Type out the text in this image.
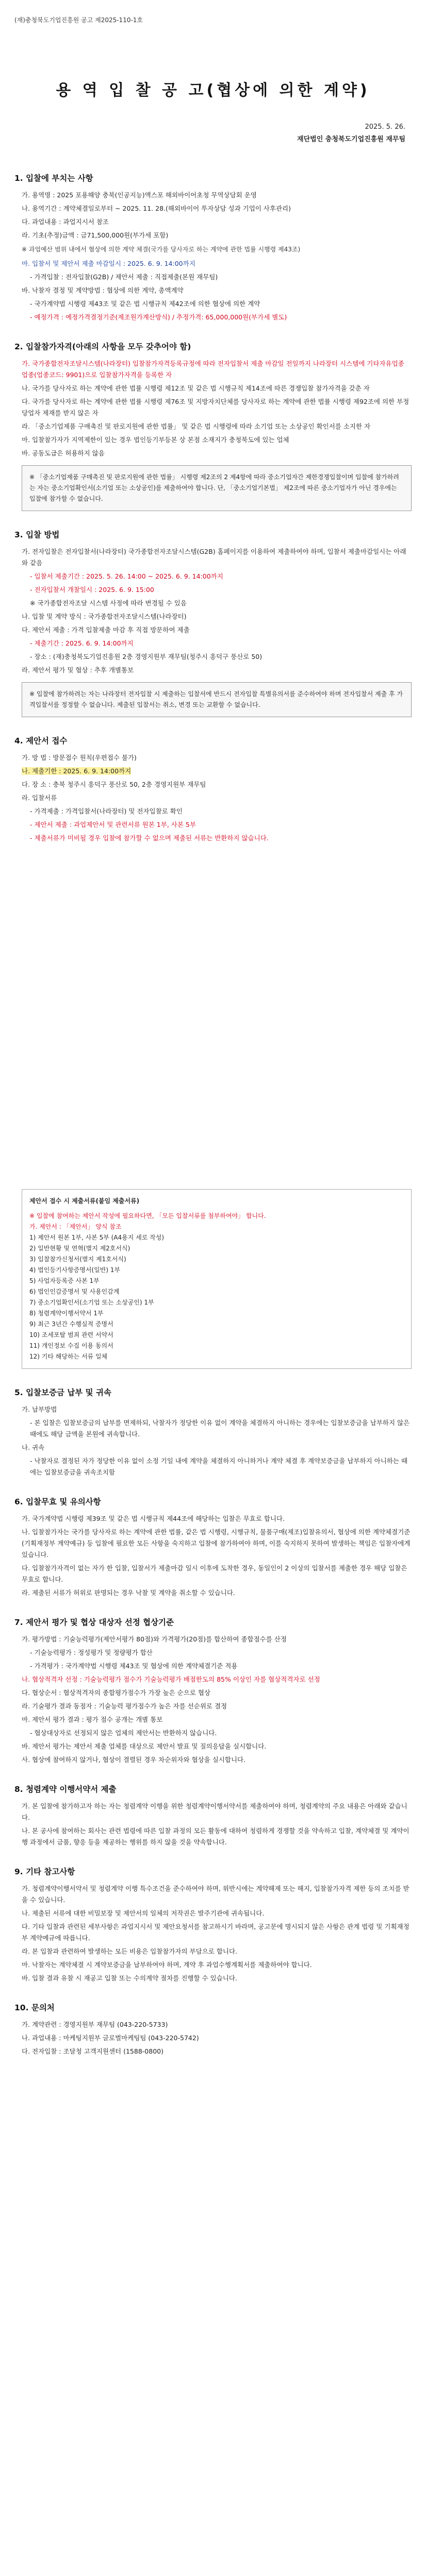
(재)충청북도기업진흥원 공고 제2025-110-1호
용 역 입 찰 공 고(협상에 의한 계약)
2025. 5. 26.
재단법인 충청북도기업진흥원 재무팀
1. 입찰에 부치는 사항
가. 용역명 : 2025 포용해양 충북(인공지능)액스포 해외바이어초청 무역상담회 운영
나. 용역기간 : 계약체결일로부터 ~ 2025. 11. 28.(해외바이어 투자상담 성과 기업이 사후관리)
다. 과업내용 : 과업지시서 참조
라. 기초(추정)금액 : 금71,500,000원(부가세 포함)
※ 과업예산 범위 내에서 협상에 의한 계약 체결(국가를 당사자로 하는 계약에 관한 법률 시행령 제43조)
마. 입찰서 및 제안서 제출 마감일시 : 2025. 6. 9. 14:00까지
- 가격입찰 : 전자입찰(G2B) / 제안서 제출 : 직접제출(본원 재무팀)
바. 낙찰자 결정 및 계약방법 : 협상에 의한 계약, 총액계약
- 국가계약법 시행령 제43조 및 같은 법 시행규칙 제42조에 의한 협상에 의한 계약
- 예정가격 : 예정가격결정기준(제조원가계산방식) / 추정가격: 65,000,000원(부가세 별도)
2. 입찰참가자격(아래의 사항을 모두 갖추어야 함)
가. 국가종합전자조달시스템(나라장터) 입찰참가자격등록규정에 따라 전자입찰서 제출 마감일 전일까지 나라장터 시스템에 기타자유업종 업종(업종코드: 9901)으로 입찰참가자격을 등록한 자
나. 국가를 당사자로 하는 계약에 관한 법률 시행령 제12조 및 같은 법 시행규칙 제14조에 따른 경쟁입찰 참가자격을 갖춘 자
다. 국가를 당사자로 하는 계약에 관한 법률 시행령 제76조 및 지방자치단체를 당사자로 하는 계약에 관한 법률 시행령 제92조에 의한 부정당업자 제재를 받지 않은 자
라. 「중소기업제품 구매촉진 및 판로지원에 관한 법률」 및 같은 법 시행령에 따라 소기업 또는 소상공인 확인서를 소지한 자
마. 입찰참가자가 지역제한이 있는 경우 법인등기부등본 상 본점 소재지가 충청북도에 있는 업체
바. 공동도급은 허용하지 않음
※ 「중소기업제품 구매촉진 및 판로지원에 관한 법률」 시행령 제2조의 2 제4항에 따라 중소기업자간 제한경쟁입찰이며 입찰에 참가하려는 자는 중소기업확인서(소기업 또는 소상공인)를 제출하여야 합니다. 단, 「중소기업기본법」 제2조에 따른 중소기업자가 아닌 경우에는 입찰에 참가할 수 없습니다.
3. 입찰 방법
가. 전자입찰은 전자입찰서(나라장터) 국가종합전자조달시스템(G2B) 홈페이지를 이용하여 제출하여야 하며, 입찰서 제출마감일시는 아래와 같음
- 입찰서 제출기간 : 2025. 5. 26. 14:00 ~ 2025. 6. 9. 14:00까지
- 전자입찰서 개찰일시 : 2025. 6. 9. 15:00
※ 국가종합전자조달 시스템 사정에 따라 변경될 수 있음
나. 입찰 및 계약 방식 : 국가종합전자조달시스템(나라장터)
다. 제안서 제출 : 가격 입찰제출 마감 후 직접 방문하여 제출
- 제출기간 : 2025. 6. 9. 14:00까지
- 장소 : (재)충청북도기업진흥원 2층 경영지원부 재무팀(청주시 흥덕구 풍산로 50)
라. 제안서 평가 및 협상 : 추후 개별통보
※ 입찰에 참가하려는 자는 나라장터 전자입찰 시 제출하는 입찰서에 반드시 전자입찰 특별유의서를 준수하여야 하며 전자입찰서 제출 후 가격입찰서를 정정할 수 없습니다. 제출된 입찰서는 취소, 변경 또는 교환할 수 없습니다.
4. 제안서 접수
가. 방 법 : 방문접수 원칙(우편접수 불가)
나. 제출기한 : 2025. 6. 9. 14:00까지
다. 장 소 : 충북 청주시 흥덕구 풍산로 50, 2층 경영지원부 재무팀
라. 입찰서류
- 가격제출 : 가격입찰서(나라장터) 및 전자입찰로 확인
- 제안서 제출 : 과업제안서 및 관련서류 원본 1부, 사본 5부
- 제출서류가 미비될 경우 입찰에 참가할 수 없으며 제출된 서류는 반환하지 않습니다.
제안서 접수 시 제출서류(붙임 제출서류)
※ 입찰에 참여하는 제안서 작성에 필요하다면, 「모든 입찰서류를 첨부하여야」 합니다.
가. 제안서 : 「제안서」 양식 참조
1) 제안서 원본 1부, 사본 5부 (A4용지 세로 작성)
2) 일반현황 및 연혁(별지 제2호서식)
3) 입찰참가신청서(별지 제1호서식)
4) 법인등기사항증명서(일반) 1부
5) 사업자등록증 사본 1부
6) 법인인감증명서 및 사용인감계
7) 중소기업확인서(소기업 또는 소상공인) 1부
8) 청렴계약이행서약서 1부
9) 최근 3년간 수행실적 증명서
10) 조세포탈 범죄 관련 서약서
11) 개인정보 수집 이용 동의서
12) 기타 해당하는 서류 일체
5. 입찰보증금 납부 및 귀속
가. 납부방법
- 본 입찰은 입찰보증금의 납부를 면제하되, 낙찰자가 정당한 이유 없이 계약을 체결하지 아니하는 경우에는 입찰보증금을 납부하지 않은 때에도 해당 금액을 본원에 귀속합니다.
나. 귀속
- 낙찰자로 결정된 자가 정당한 이유 없이 소정 기일 내에 계약을 체결하지 아니하거나 계약 체결 후 계약보증금을 납부하지 아니하는 때에는 입찰보증금을 귀속조치함
6. 입찰무효 및 유의사항
가. 국가계약법 시행령 제39조 및 같은 법 시행규칙 제44조에 해당하는 입찰은 무효로 합니다.
나. 입찰참가자는 국가를 당사자로 하는 계약에 관한 법률, 같은 법 시행령, 시행규칙, 물품구매(제조)입찰유의서, 협상에 의한 계약체결기준(기획재정부 계약예규) 등 입찰에 필요한 모든 사항을 숙지하고 입찰에 참가하여야 하며, 이를 숙지하지 못하여 발생하는 책임은 입찰자에게 있습니다.
다. 입찰참가자격이 없는 자가 한 입찰, 입찰서가 제출마감 일시 이후에 도착한 경우, 동일인이 2 이상의 입찰서를 제출한 경우 해당 입찰은 무효로 합니다.
라. 제출된 서류가 허위로 판명되는 경우 낙찰 및 계약을 취소할 수 있습니다.
7. 제안서 평가 및 협상 대상자 선정 협상기준
가. 평가방법 : 기술능력평가(제안서평가 80점)와 가격평가(20점)를 합산하여 종합점수를 산정
- 기술능력평가 : 정성평가 및 정량평가 합산
- 가격평가 : 국가계약법 시행령 제43조 및 협상에 의한 계약체결기준 적용
나. 협상적격자 선정 : 기술능력평가 점수가 기술능력평가 배점한도의 85% 이상인 자를 협상적격자로 선정
다. 협상순서 : 협상적격자의 종합평가점수가 가장 높은 순으로 협상
라. 기술평가 결과 동점자 : 기술능력 평가점수가 높은 자를 선순위로 결정
마. 제안서 평가 결과 : 평가 점수 공개는 개별 통보
- 협상대상자로 선정되지 않은 업체의 제안서는 반환하지 않습니다.
바. 제안서 평가는 제안서 제출 업체를 대상으로 제안서 발표 및 질의응답을 실시합니다.
사. 협상에 참여하지 않거나, 협상이 결렬된 경우 차순위자와 협상을 실시합니다.
8. 청렴계약 이행서약서 제출
가. 본 입찰에 참가하고자 하는 자는 청렴계약 이행을 위한 청렴계약이행서약서를 제출하여야 하며, 청렴계약의 주요 내용은 아래와 같습니다.
나. 본 공사에 참여하는 회사는 관련 법령에 따른 입찰 과정의 모든 활동에 대하여 청렴하게 경쟁할 것을 약속하고 입찰, 계약체결 및 계약이행 과정에서 금품, 향응 등을 제공하는 행위를 하지 않을 것을 약속합니다.
9. 기타 참고사항
가. 청렴계약이행서약서 및 청렴계약 이행 특수조건을 준수하여야 하며, 위반시에는 계약해제 또는 해지, 입찰참가자격 제한 등의 조치를 받을 수 있습니다.
나. 제출된 서류에 대한 비밀보장 및 제안서의 일체의 저작권은 발주기관에 귀속됩니다.
다. 기타 입찰과 관련된 세부사항은 과업지시서 및 제안요청서를 참고하시기 바라며, 공고문에 명시되지 않은 사항은 관계 법령 및 기획재정부 계약예규에 따릅니다.
라. 본 입찰과 관련하여 발생하는 모든 비용은 입찰참가자의 부담으로 합니다.
마. 낙찰자는 계약체결 시 계약보증금을 납부하여야 하며, 계약 후 과업수행계획서를 제출하여야 합니다.
바. 입찰 결과 유찰 시 재공고 입찰 또는 수의계약 절차를 진행할 수 있습니다.
10. 문의처
가. 계약관련 : 경영지원부 재무팀 (043-220-5733)
나. 과업내용 : 마케팅지원부 글로벌마케팅팀 (043-220-5742)
다. 전자입찰 : 조달청 고객지원센터 (1588-0800)
